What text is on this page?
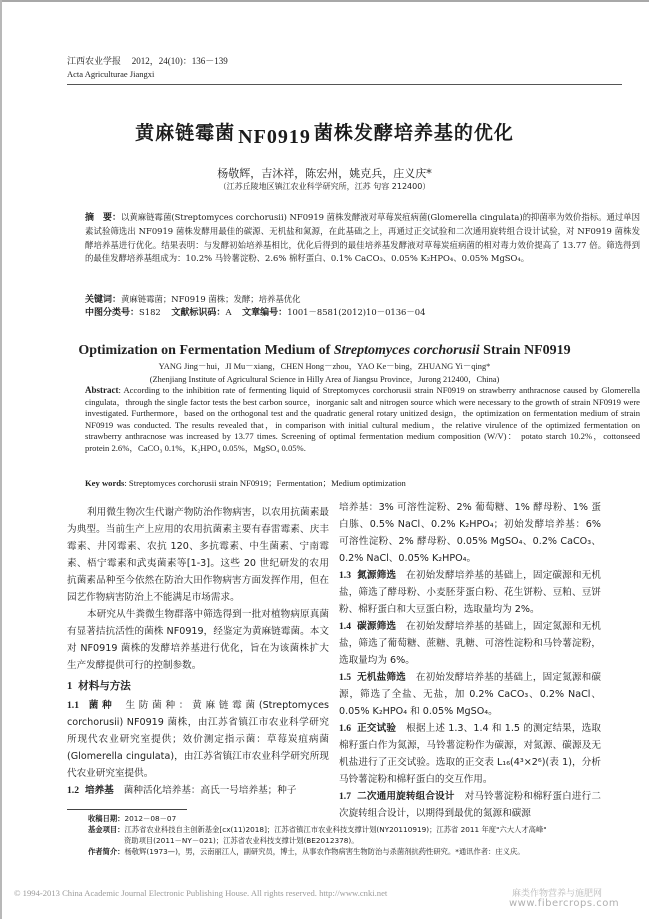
江西农业学报 2012，24(10)：136－139
Acta Agriculturae Jiangxi
黄麻链霉菌 NF0919 菌株发酵培养基的优化
杨敬辉，吉沐祥，陈宏州，姚克兵，庄义庆*
（江苏丘陵地区镇江农业科学研究所，江苏 句容 212400）
摘　要：以黄麻链霉菌(Streptomyces corchorusii) NF0919 菌株发酵液对草莓炭疽病菌(Glomerella cingulata)的抑菌率为效价指标。通过单因素试验筛选出 NF0919 菌株发酵用最佳的碳源、无机盐和氮源，在此基础之上，再通过正交试验和二次通用旋转组合设计试验，对 NF0919 菌株发酵培养基进行优化。结果表明：与发酵初始培养基相比，优化后得到的最佳培养基发酵液对草莓炭疽病菌的相对毒力效价提高了 13.77 倍。筛选得到的最佳发酵培养基组成为：10.2% 马铃薯淀粉、2.6% 棉籽蛋白、0.1% CaCO₃、0.05% K₂HPO₄、0.05% MgSO₄。
关键词：黄麻链霉菌；NF0919 菌株；发酵；培养基优化
中图分类号：S182 文献标识码：A 文章编号：1001－8581(2012)10－0136－04
Optimization on Fermentation Medium of Streptomyces corchorusii Strain NF0919
YANG Jing－hui，JI Mu－xiang，CHEN Hong－zhou，YAO Ke－bing，ZHUANG Yi－qing*
(Zhenjiang Institute of Agricultural Science in Hilly Area of Jiangsu Province，Jurong 212400，China)
Abstract: According to the inhibition rate of fermenting liquid of Streptomyces corchorusii strain NF0919 on strawberry anthracnose caused by Glomerella cingulata，through the single factor tests the best carbon source，inorganic salt and nitrogen source which were necessary to the growth of strain NF0919 were investigated. Furthermore，based on the orthogonal test and the quadratic general rotary unitized design，the optimization on fermentation medium of strain NF0919 was conducted. The results revealed that，in comparison with initial cultural medium，the relative virulence of the optimized fermentation on strawberry anthracnose was increased by 13.77 times. Screening of optimal fermentation medium composition (W/V)： potato starch 10.2%，cottonseed protein 2.6%，CaCO₃ 0.1%，K₂HPO₄ 0.05%，MgSO₄ 0.05%.
Key words: Streptomyces corchorusii strain NF0919；Fermentation；Medium optimization

利用微生物次生代谢产物防治作物病害，以农用抗菌素最为典型。当前生产上应用的农用抗菌素主要有春雷霉素、庆丰霉素、井冈霉素、农抗 120、多抗霉素、中生菌素、宁南霉素、梧宁霉素和武夷菌素等[1-3]。这些 20 世纪研发的农用抗菌素品种至今依然在防治大田作物病害方面发挥作用，但在园艺作物病害防治上不能满足市场需求。

本研究从牛粪微生物群落中筛选得到一批对植物病原真菌有显著拮抗活性的菌株 NF0919，经鉴定为黄麻链霉菌。本文对 NF0919 菌株的发酵培养基进行优化，旨在为该菌株扩大生产发酵提供可行的控制参数。

1 材料与方法

1.1 菌种 生防菌种：黄麻链霉菌(Streptomyces corchorusii) NF0919 菌株，由江苏省镇江市农业科学研究所现代农业研究室提供；效价测定指示菌：草莓炭疽病菌(Glomerella cingulata)，由江苏省镇江市农业科学研究所现代农业研究室提供。

1.2 培养基 菌种活化培养基：高氏一号培养基；种子

培养基：3% 可溶性淀粉、2% 葡萄糖、1% 酵母粉、1% 蛋白胨、0.5% NaCl、0.2% K₂HPO₄；初始发酵培养基：6% 可溶性淀粉、2% 酵母粉、0.05% MgSO₄、0.2% CaCO₃、0.2% NaCl、0.05% K₂HPO₄。

1.3 氮源筛选 在初始发酵培养基的基础上，固定碳源和无机盐，筛选了酵母粉、小麦胚芽蛋白粉、花生饼粉、豆粕、豆饼粉、棉籽蛋白和大豆蛋白粉，选取量均为 2%。

1.4 碳源筛选 在初始发酵培养基的基础上，固定氮源和无机盐，筛选了葡萄糖、蔗糖、乳糖、可溶性淀粉和马铃薯淀粉，选取量均为 6%。

1.5 无机盐筛选 在初始发酵培养基的基础上，固定氮源和碳源，筛选了全盐、无盐，加 0.2% CaCO₃、0.2% NaCl、0.05% K₂HPO₄ 和 0.05% MgSO₄。

1.6 正交试验 根据上述 1.3、1.4 和 1.5 的测定结果，选取棉籽蛋白作为氮源，马铃薯淀粉作为碳源，对氮源、碳源及无机盐进行了正交试验。选取的正交表 L₁₆(4³×2⁶)(表 1)，分析马铃薯淀粉和棉籽蛋白的交互作用。

1.7 二次通用旋转组合设计 对马铃薯淀粉和棉籽蛋白进行二次旋转组合设计，以期得到最优的氮源和碳源

收稿日期：2012－08－07
基金项目：江苏省农业科技自主创新基金[cx(11)2018]；江苏省镇江市农业科技支撑计划(NY20110919)；江苏省 2011 年度"六大人才高峰"
资助项目(2011－NY－021)；江苏省农业科技支撑计划(BE2012378)。
作者简介：杨敬辉(1973—)，男，云南丽江人，副研究员，博士，从事农作物病害生物防治与杀菌剂抗药性研究。*通讯作者：庄义庆。
© 1994-2013 China Academic Journal Electronic Publishing House. All rights reserved. http://www.cnki.net	麻类作物营养与施肥网
www.fibercrops.com
